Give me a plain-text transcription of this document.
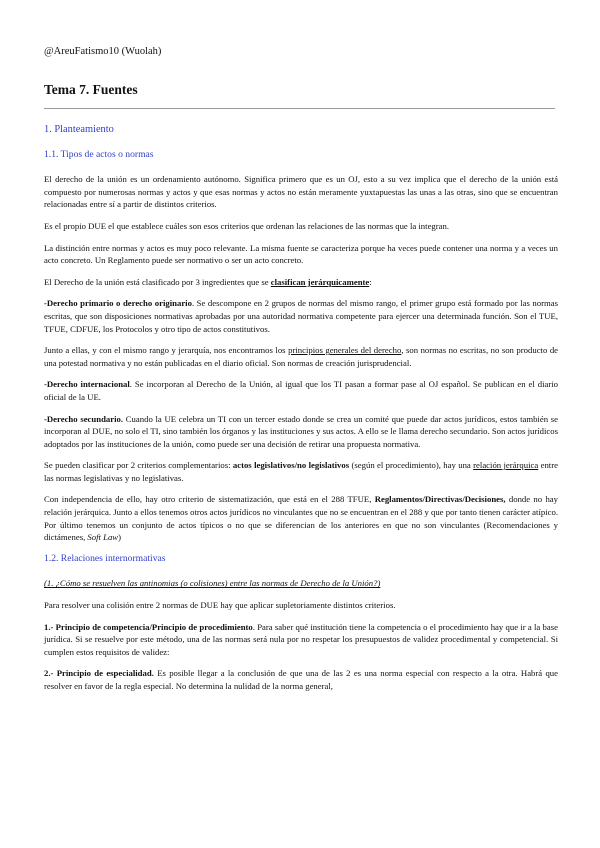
@AreuFatismo10 (Wuolah)
Tema 7. Fuentes
1. Planteamiento
1.1. Tipos de actos o normas

El derecho de la unión es un ordenamiento autónomo. Significa primero que es un OJ, esto a su vez implica que el derecho de la unión está compuesto por numerosas normas y actos y que esas normas y actos no están meramente yuxtapuestas las unas a las otras, sino que se encuentran relacionadas entre sí a partir de distintos criterios.

Es el propio DUE el que establece cuáles son esos criterios que ordenan las relaciones de las normas que la integran.

La distinción entre normas y actos es muy poco relevante. La misma fuente se caracteriza porque ha veces puede contener una norma y a veces un acto concreto. Un Reglamento puede ser normativo o ser un acto concreto.

El Derecho de la unión está clasificado por 3 ingredientes que se clasifican jerárquicamente:

-Derecho primario o derecho originario. Se descompone en 2 grupos de normas del mismo rango, el primer grupo está formado por las normas escritas, que son disposiciones normativas aprobadas por una autoridad normativa competente para ejercer una determinada función. Son el TUE, TFUE, CDFUE, los Protocolos y otro tipo de actos constitutivos.

Junto a ellas, y con el mismo rango y jerarquía, nos encontramos los principios generales del derecho, son normas no escritas, no son producto de una potestad normativa y no están publicadas en el diario oficial. Son normas de creación jurisprudencial.

-Derecho internacional. Se incorporan al Derecho de la Unión, al igual que los TI pasan a formar pase al OJ español. Se publican en el diario oficial de la UE.

-Derecho secundario. Cuando la UE celebra un TI con un tercer estado donde se crea un comité que puede dar actos jurídicos, estos también se incorporan al DUE, no solo el TI, sino también los órganos y las instituciones y sus actos. A ello se le llama derecho secundario. Son actos jurídicos adoptados por las instituciones de la unión, como puede ser una decisión de retirar una propuesta normativa.

Se pueden clasificar por 2 criterios complementarios: actos legislativos/no legislativos (según el procedimiento), hay una relación jerárquica entre las normas legislativas y no legislativas.

Con independencia de ello, hay otro criterio de sistematización, que está en el 288 TFUE, Reglamentos/Directivas/Decisiones, donde no hay relación jerárquica. Junto a ellos tenemos otros actos jurídicos no vinculantes que no se encuentran en el 288 y que por tanto tienen carácter atípico. Por último tenemos un conjunto de actos típicos o no que se diferencian de los anteriores en que no son vinculantes (Recomendaciones y dictámenes, Soft Law)

1.2. Relaciones internormativas

(1. ¿Cómo se resuelven las antinomias (o colisiones) entre las normas de Derecho de la Unión?)

Para resolver una colisión entre 2 normas de DUE hay que aplicar supletoriamente distintos criterios.

1.- Principio de competencia/Principio de procedimiento. Para saber qué institución tiene la competencia o el procedimiento hay que ir a la base jurídica. Si se resuelve por este método, una de las normas será nula por no respetar los presupuestos de validez procedimental y competencial. Si cumplen estos requisitos de validez:

2.- Principio de especialidad. Es posible llegar a la conclusión de que una de las 2 es una norma especial con respecto a la otra. Habrá que resolver en favor de la regla especial. No determina la nulidad de la norma general,
